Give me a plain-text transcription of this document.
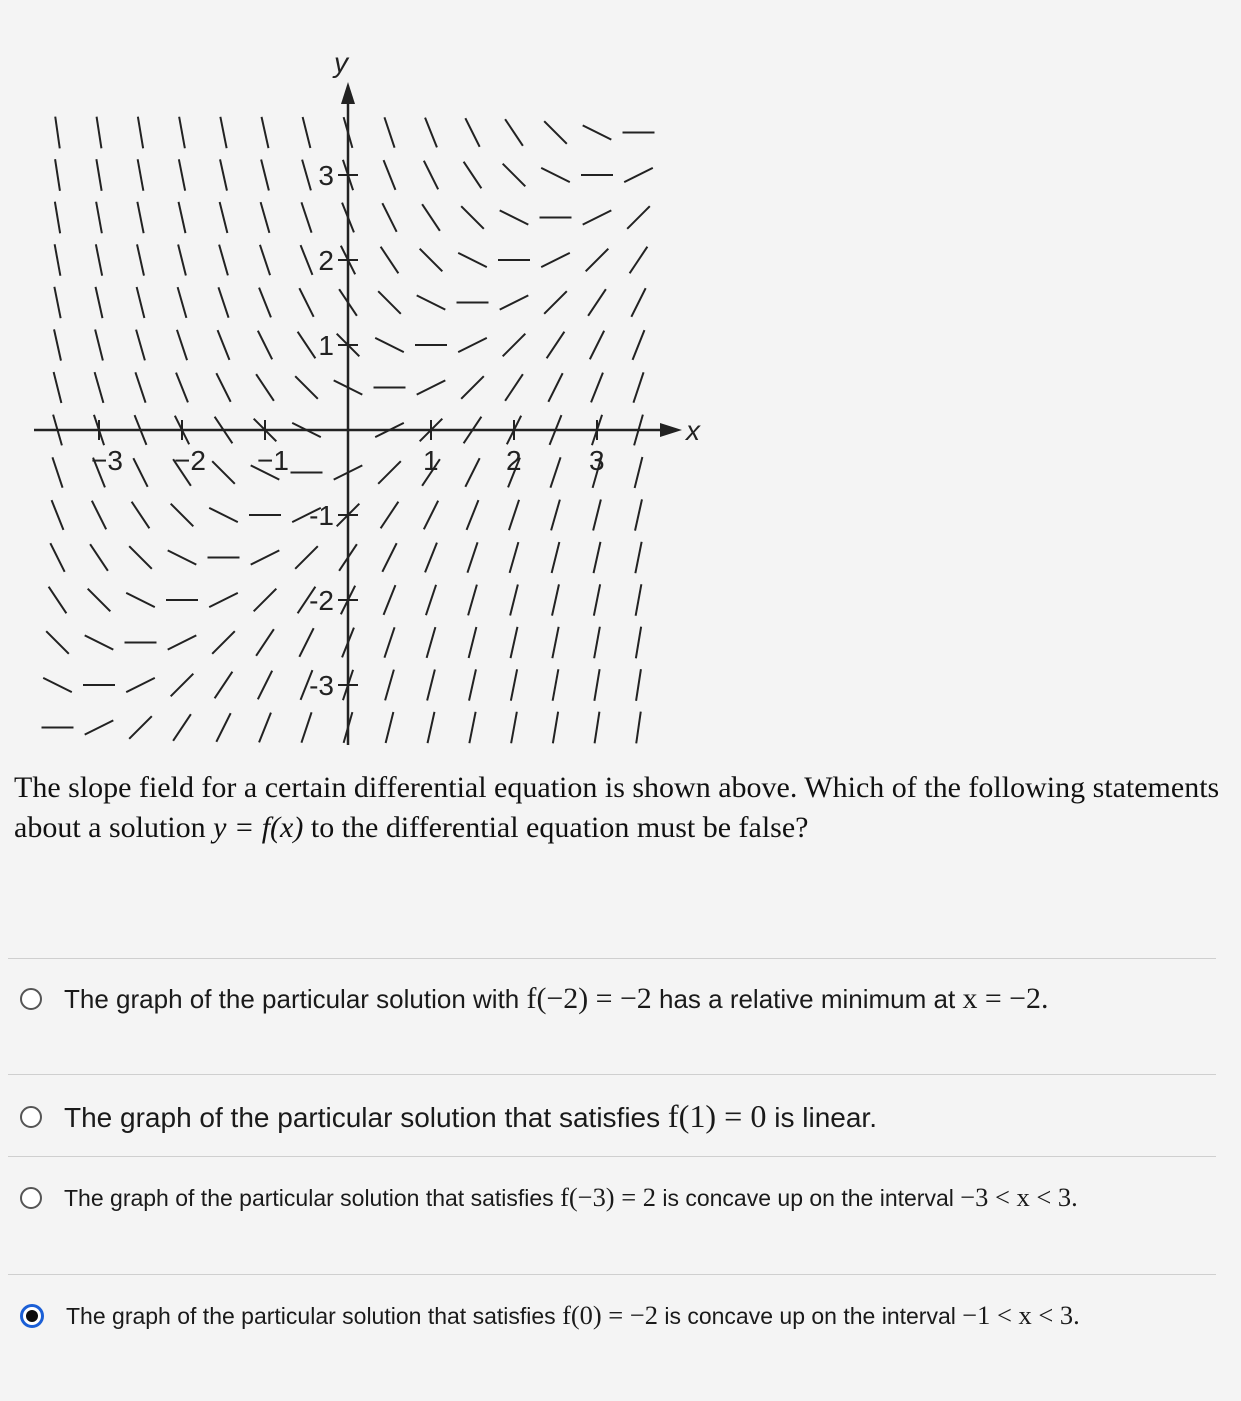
x
y
−3 −2 −1	1 2 3
3
2
1
-1
-2
-3
The slope field for a certain differential equation is shown above. Which of the following statements about a solution y = f(x) to the differential equation must be false?
The graph of the particular solution with f(−2) = −2 has a relative minimum at x = −2.
The graph of the particular solution that satisfies f(1) = 0 is linear.
The graph of the particular solution that satisfies f(−3) = 2 is concave up on the interval −3 < x < 3.
The graph of the particular solution that satisfies f(0) = −2 is concave up on the interval −1 < x < 3.
